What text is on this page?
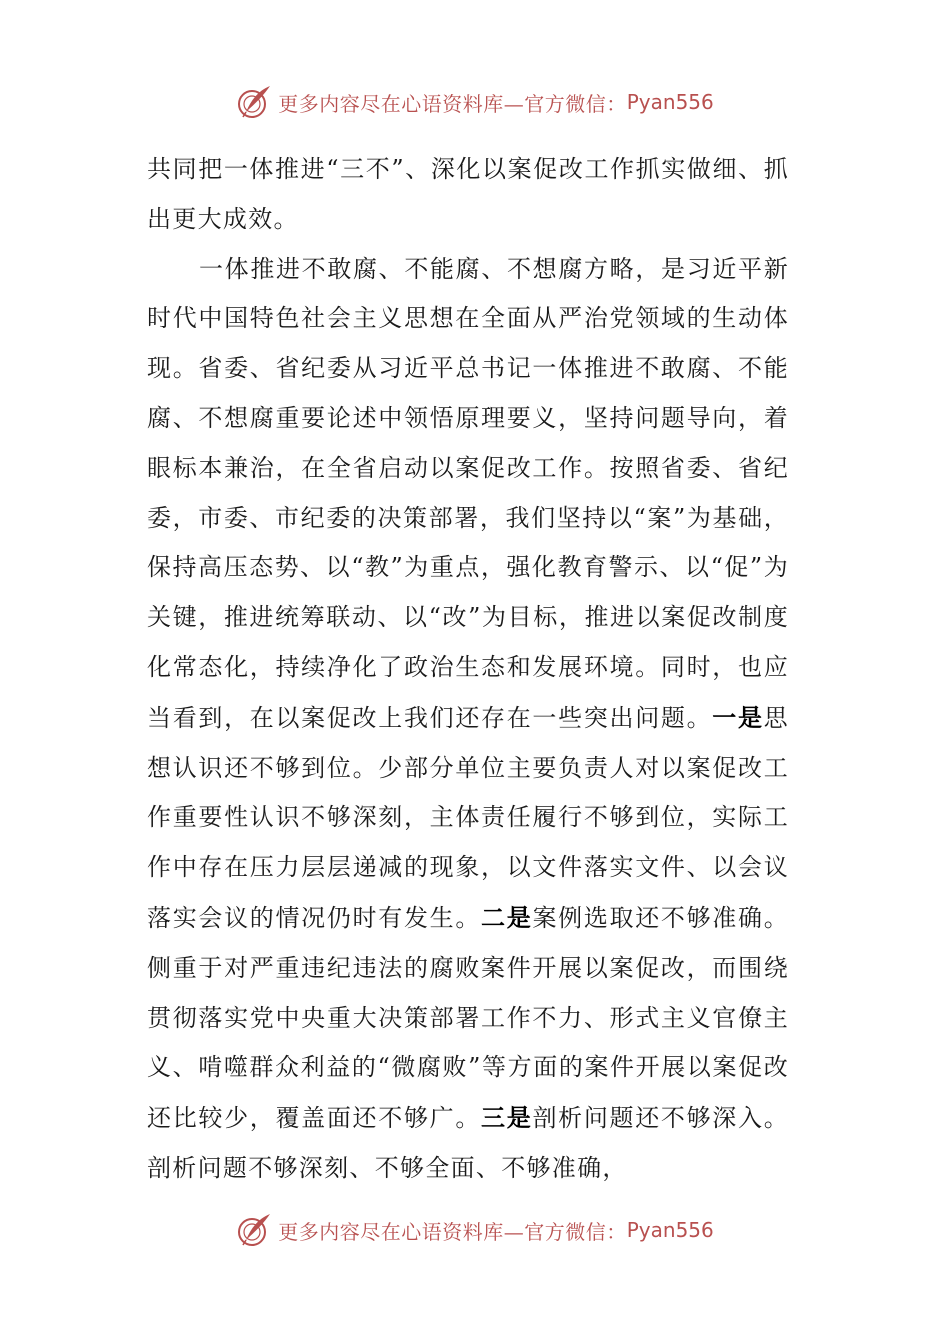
更多内容尽在心语资料库—官方微信： Pyan556

共同把一体推进“三不”、深化以案促改工作抓实做细、抓出更大成效。

一体推进不敢腐、不能腐、不想腐方略，是习近平新时代中国特色社会主义思想在全面从严治党领域的生动体现。省委、省纪委从习近平总书记一体推进不敢腐、不能腐、不想腐重要论述中领悟原理要义，坚持问题导向，着眼标本兼治，在全省启动以案促改工作。按照省委、省纪委，市委、市纪委的决策部署，我们坚持以“案”为基础，保持高压态势、以“教”为重点，强化教育警示、以“促”为关键，推进统筹联动、以“改”为目标，推进以案促改制度化常态化，持续净化了政治生态和发展环境。同时，也应当看到，在以案促改上我们还存在一些突出问题。一是思想认识还不够到位。少部分单位主要负责人对以案促改工作重要性认识不够深刻，主体责任履行不够到位，实际工作中存在压力层层递减的现象，以文件落实文件、以会议落实会议的情况仍时有发生。二是案例选取还不够准确。侧重于对严重违纪违法的腐败案件开展以案促改，而围绕贯彻落实党中央重大决策部署工作不力、形式主义官僚主义、啃噬群众利益的“微腐败”等方面的案件开展以案促改还比较少，覆盖面还不够广。三是剖析问题还不够深入。剖析问题不够深刻、不够全面、不够准确，

更多内容尽在心语资料库—官方微信： Pyan556
